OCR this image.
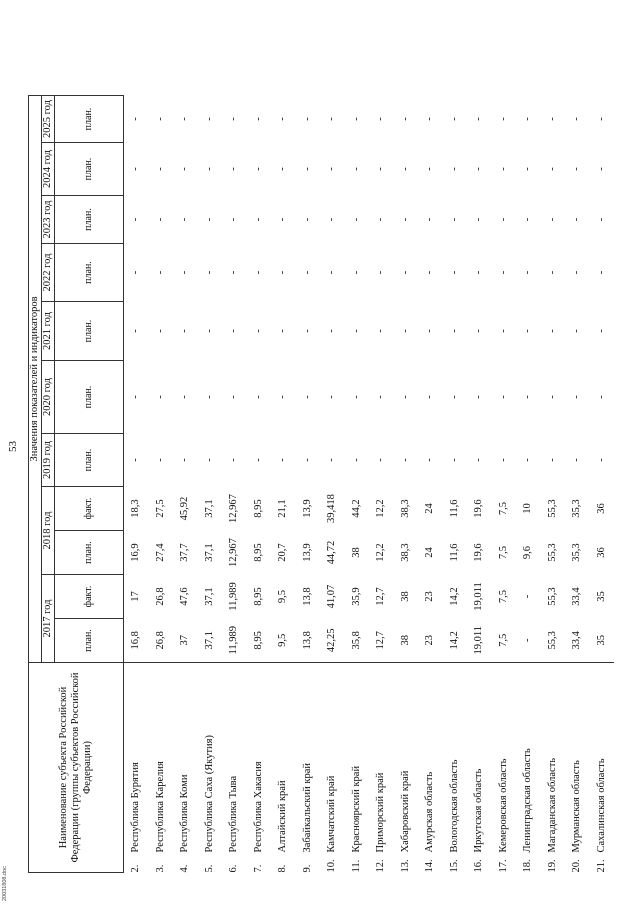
20031808.doc
53
Наименование субъекта Российской Федерации (группы субъектов Российской Федерации)	Значения показателей и индикаторов										
	2017 год		2018 год		2019 год	2020 год	2021 год	2022 год	2023 год	2024 год	2025 год
	план.	факт.	план.	факт.	план.	план.	план.	план.	план.	план.	план.
2.Республика Бурятия	16,8	17	16,9	18,3	-	-	-	-	-	-	-
3.Республика Карелия	26,8	26,8	27,4	27,5	-	-	-	-	-	-	-
4.Республика Коми	37	47,6	37,7	45,92	-	-	-	-	-	-	-
5.Республика Саха (Якутия)	37,1	37,1	37,1	37,1	-	-	-	-	-	-	-
6.Республика Тыва	11,989	11,989	12,967	12,967	-	-	-	-	-	-	-
7.Республика Хакасия	8,95	8,95	8,95	8,95	-	-	-	-	-	-	-
8.Алтайский край	9,5	9,5	20,7	21,1	-	-	-	-	-	-	-
9.Забайкальский край	13,8	13,8	13,9	13,9	-	-	-	-	-	-	-
10.Камчатский край	42,25	41,07	44,72	39,418	-	-	-	-	-	-	-
11.Красноярский край	35,8	35,9	38	44,2	-	-	-	-	-	-	-
12.Приморский край	12,7	12,7	12,2	12,2	-	-	-	-	-	-	-
13.Хабаровский край	38	38	38,3	38,3	-	-	-	-	-	-	-
14.Амурская область	23	23	24	24	-	-	-	-	-	-	-
15.Вологодская область	14,2	14,2	11,6	11,6	-	-	-	-	-	-	-
16.Иркутская область	19,011	19,011	19,6	19,6	-	-	-	-	-	-	-
17.Кемеровская область	7,5	7,5	7,5	7,5	-	-	-	-	-	-	-
18.Ленинградская область	-	-	9,6	10	-	-	-	-	-	-	-
19.Магаданская область	55,3	55,3	55,3	55,3	-	-	-	-	-	-	-
20.Мурманская область	33,4	33,4	35,3	35,3	-	-	-	-	-	-	-
21.Сахалинская область	35	35	36	36	-	-	-	-	-	-	-
